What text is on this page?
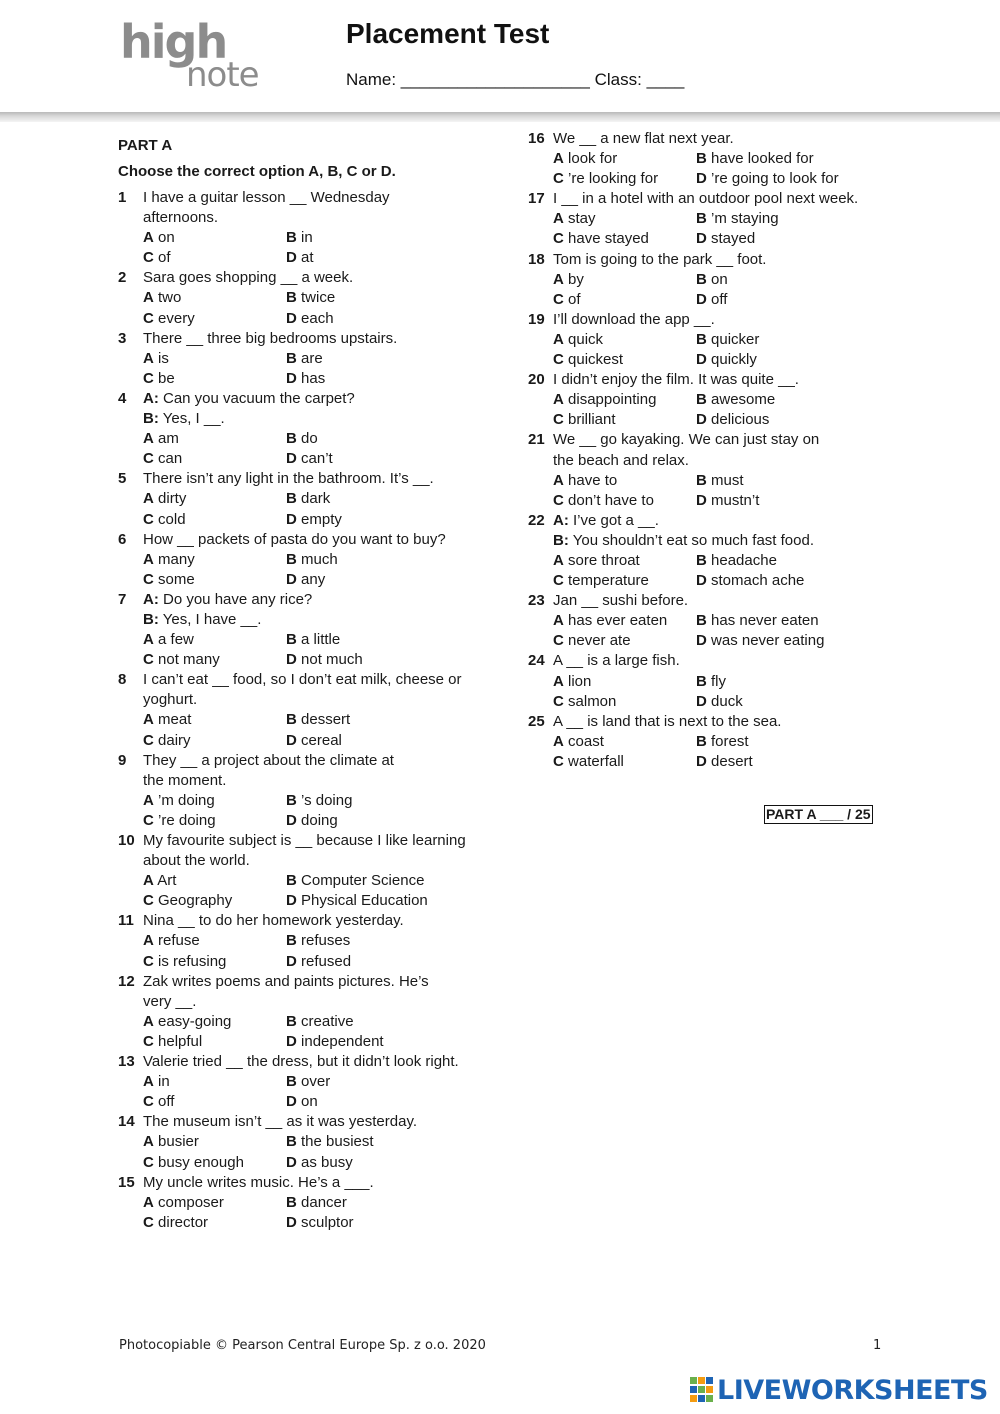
high
note
Placement Test
Name: ____________________ Class: ____
PART A
Choose the correct option A, B, C or D.
1 I have a guitar lesson __ Wednesday
afternoons.
A on	B in
C of	D at
2 Sara goes shopping __ a week.
A two	B twice
C every	D each
3 There __ three big bedrooms upstairs.
A is	B are
C be	D has
4 A: Can you vacuum the carpet?
B: Yes, I __.
A am	B do
C can	D can’t
5 There isn’t any light in the bathroom. It’s __.
A dirty	B dark
C cold	D empty
6 How __ packets of pasta do you want to buy?
A many	B much
C some	D any
7 A: Do you have any rice?
B: Yes, I have __.
A a few	B a little
C not many	D not much
8 I can’t eat __ food, so I don’t eat milk, cheese or
yoghurt.
A meat	B dessert
C dairy	D cereal
9 They __ a project about the climate at
the moment.
A ’m doing	B ’s doing
C ’re doing	D doing
10 My favourite subject is __ because I like learning
about the world.
A Art	B Computer Science
C Geography	D Physical Education
11 Nina __ to do her homework yesterday.
A refuse	B refuses
C is refusing	D refused
12 Zak writes poems and paints pictures. He’s
very __.
A easy-going	B creative
C helpful	D independent
13 Valerie tried __ the dress, but it didn’t look right.
A in	B over
C off	D on
14 The museum isn’t __ as it was yesterday.
A busier	B the busiest
C busy enough	D as busy
15 My uncle writes music. He’s a ___.
A composer	B dancer
C director	D sculptor
16 We __ a new flat next year.
A look for	B have looked for
C ’re looking for	D ’re going to look for
17 I __ in a hotel with an outdoor pool next week.
A stay	B ’m staying
C have stayed	D stayed
18 Tom is going to the park __ foot.
A by	B on
C of	D off
19 I’ll download the app __.
A quick	B quicker
C quickest	D quickly
20 I didn’t enjoy the film. It was quite __.
A disappointing	B awesome
C brilliant	D delicious
21 We __ go kayaking. We can just stay on
the beach and relax.
A have to	B must
C don’t have to	D mustn’t
22 A: I’ve got a __.
B: You shouldn’t eat so much fast food.
A sore throat	B headache
C temperature	D stomach ache
23 Jan __ sushi before.
A has ever eaten	B has never eaten
C never ate	D was never eating
24 A __ is a large fish.
A lion	B fly
C salmon	D duck
25 A __ is land that is next to the sea.
A coast	B forest
C waterfall	D desert
PART A ___ / 25
Photocopiable © Pearson Central Europe Sp. z o.o. 2020	1
LIVEWORKSHEETS
